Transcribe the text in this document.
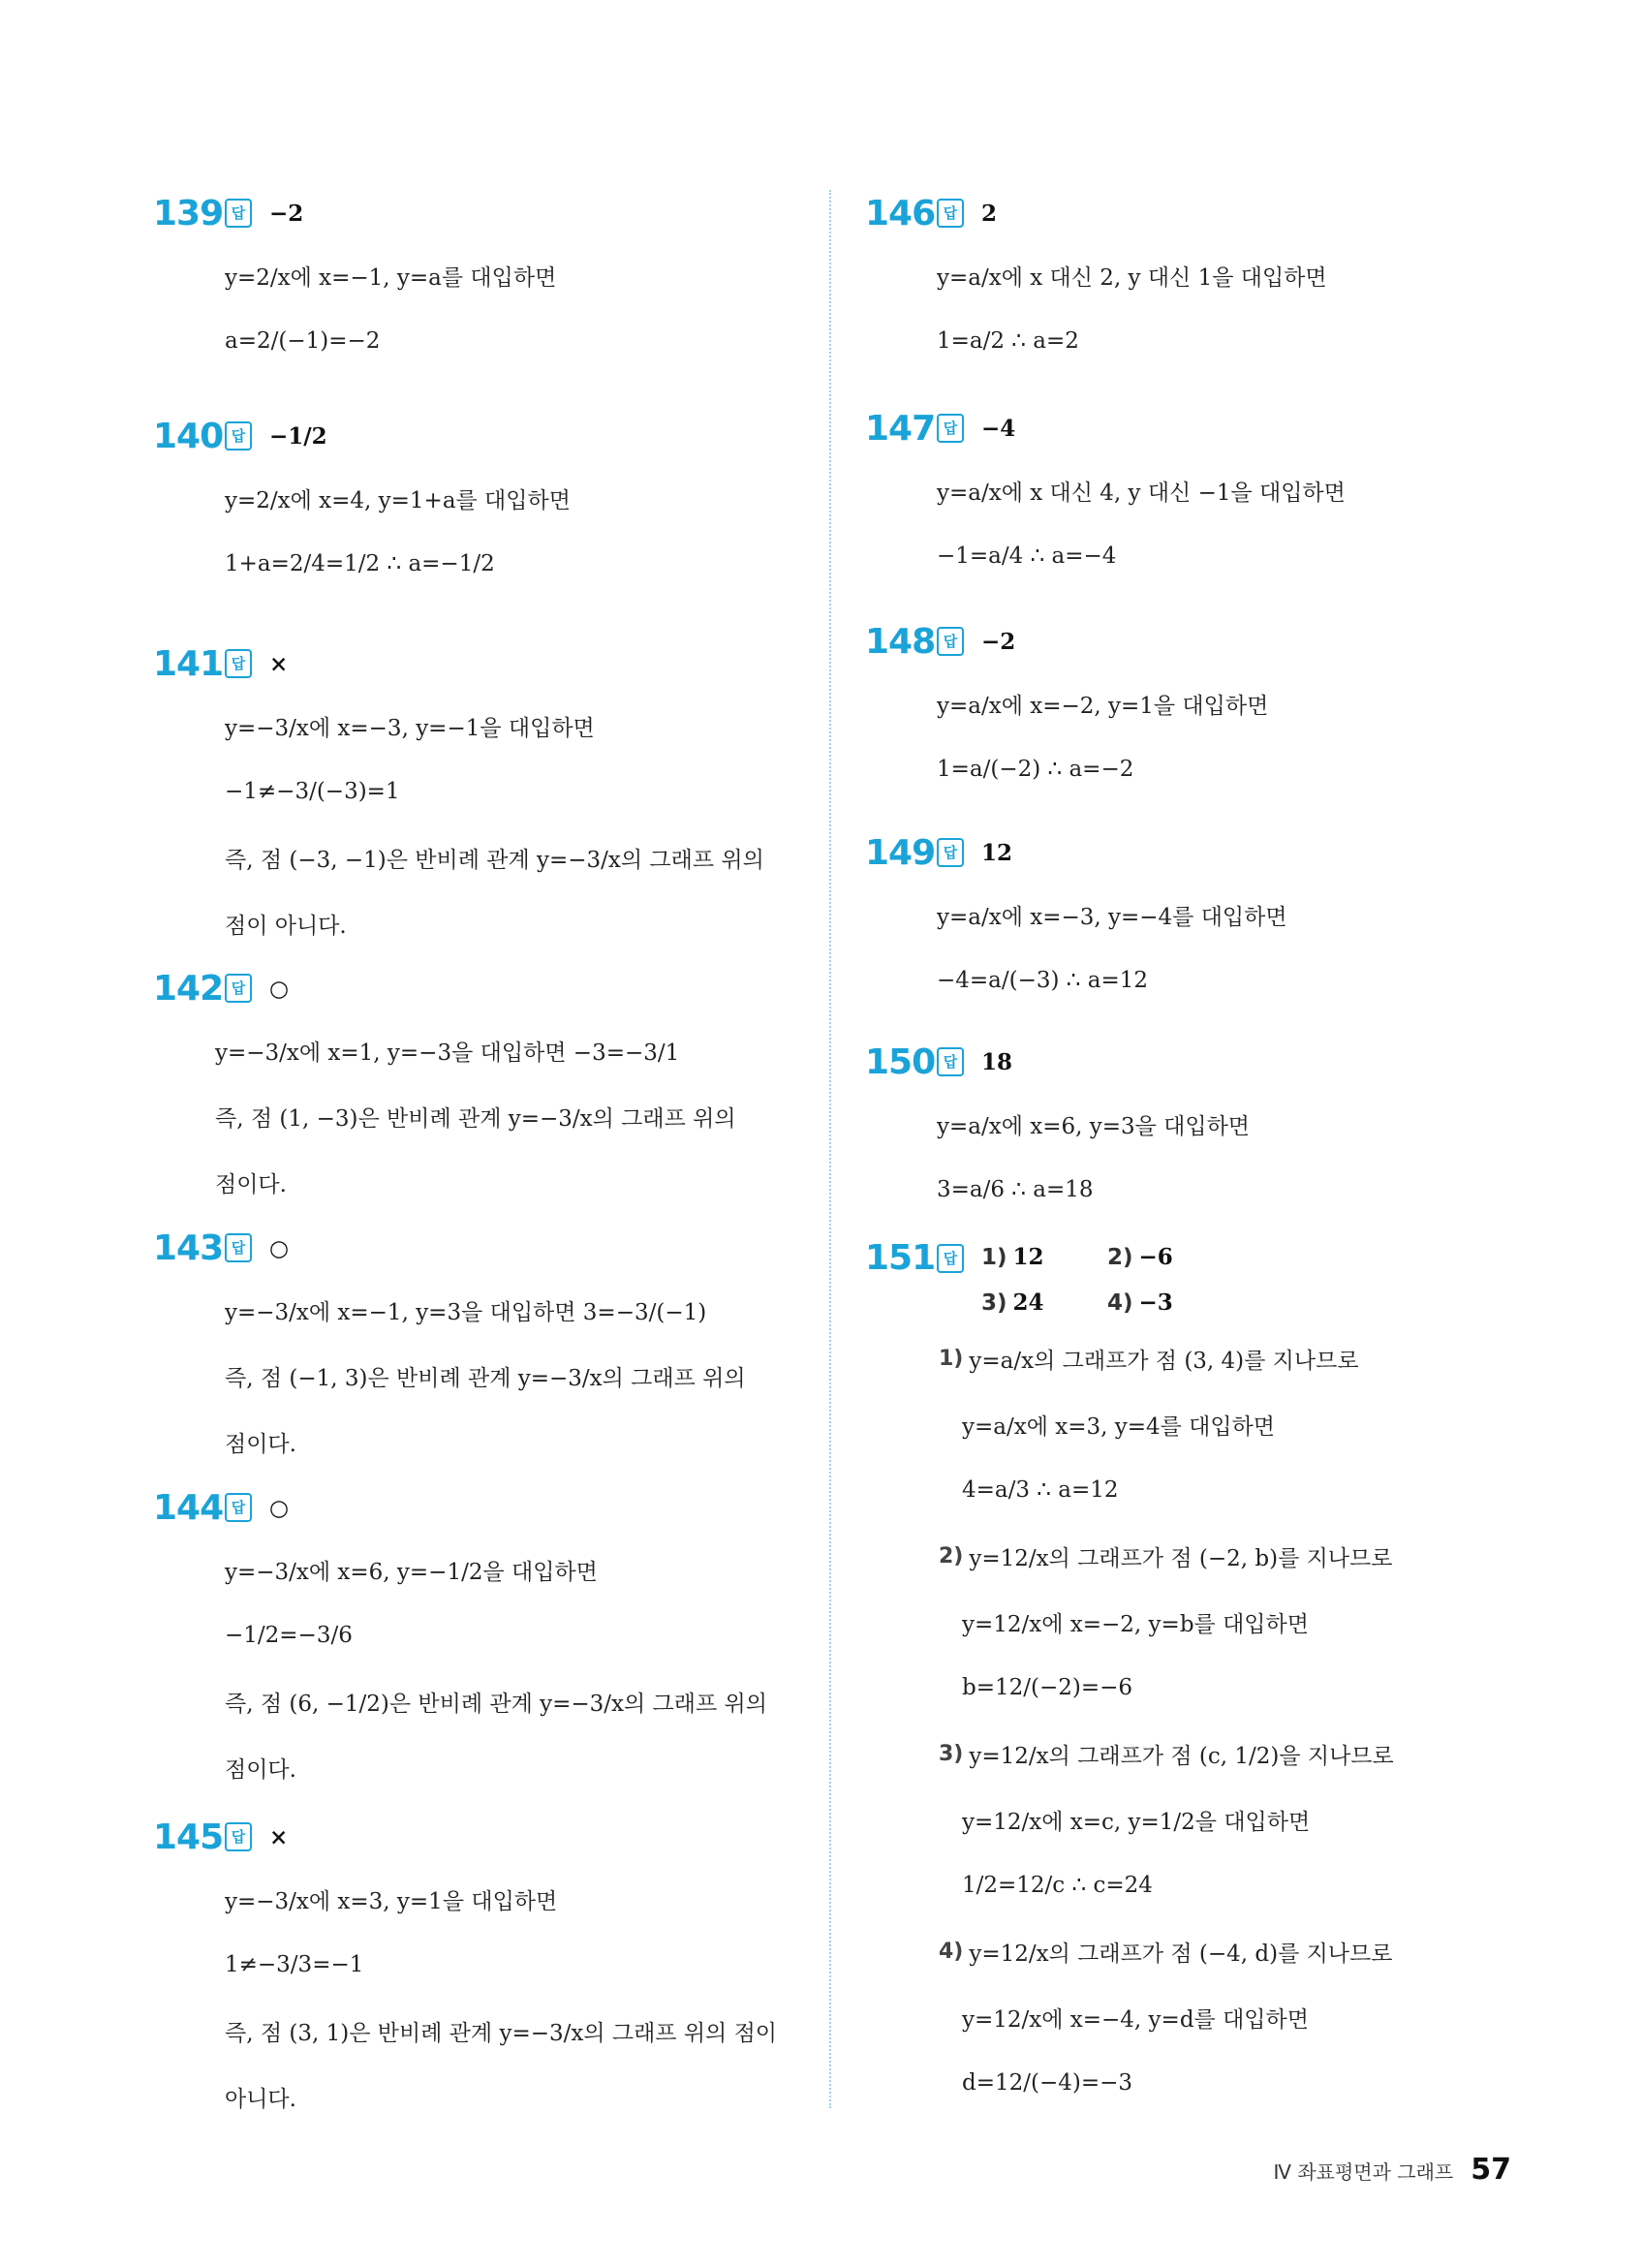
139 답 −2
y=2/x에 x=−1, y=a를 대입하면
a=2/(−1)=−2
140 답 −1/2
y=2/x에 x=4, y=1+a를 대입하면
1+a=2/4=1/2 ∴ a=−1/2
141 답 ×
y=−3/x에 x=−3, y=−1을 대입하면
−1≠−3/(−3)=1
즉, 점 (−3, −1)은 반비례 관계 y=−3/x의 그래프 위의
점이 아니다.
142 답 ○
y=−3/x에 x=1, y=−3을 대입하면 −3=−3/1
즉, 점 (1, −3)은 반비례 관계 y=−3/x의 그래프 위의
점이다.
143 답 ○
y=−3/x에 x=−1, y=3을 대입하면 3=−3/(−1)
즉, 점 (−1, 3)은 반비례 관계 y=−3/x의 그래프 위의
점이다.
144 답 ○
y=−3/x에 x=6, y=−1/2을 대입하면
−1/2=−3/6
즉, 점 (6, −1/2)은 반비례 관계 y=−3/x의 그래프 위의
점이다.
145 답 ×
y=−3/x에 x=3, y=1을 대입하면
1≠−3/3=−1
즉, 점 (3, 1)은 반비례 관계 y=−3/x의 그래프 위의 점이
아니다.
146 답 2
y=a/x에 x 대신 2, y 대신 1을 대입하면
1=a/2 ∴ a=2
147 답 −4
y=a/x에 x 대신 4, y 대신 −1을 대입하면
−1=a/4 ∴ a=−4
148 답 −2
y=a/x에 x=−2, y=1을 대입하면
1=a/(−2) ∴ a=−2
149 답 12
y=a/x에 x=−3, y=−4를 대입하면
−4=a/(−3) ∴ a=12
150 답 18
y=a/x에 x=6, y=3을 대입하면
3=a/6 ∴ a=18
151 답 1) 12	2) −6
3) 24	4) −3
1) y=a/x의 그래프가 점 (3, 4)를 지나므로
y=a/x에 x=3, y=4를 대입하면
4=a/3 ∴ a=12
2) y=12/x의 그래프가 점 (−2, b)를 지나므로
y=12/x에 x=−2, y=b를 대입하면
b=12/(−2)=−6
3) y=12/x의 그래프가 점 (c, 1/2)을 지나므로
y=12/x에 x=c, y=1/2을 대입하면
1/2=12/c ∴ c=24
4) y=12/x의 그래프가 점 (−4, d)를 지나므로
y=12/x에 x=−4, y=d를 대입하면
d=12/(−4)=−3
Ⅳ 좌표평면과 그래프 57
